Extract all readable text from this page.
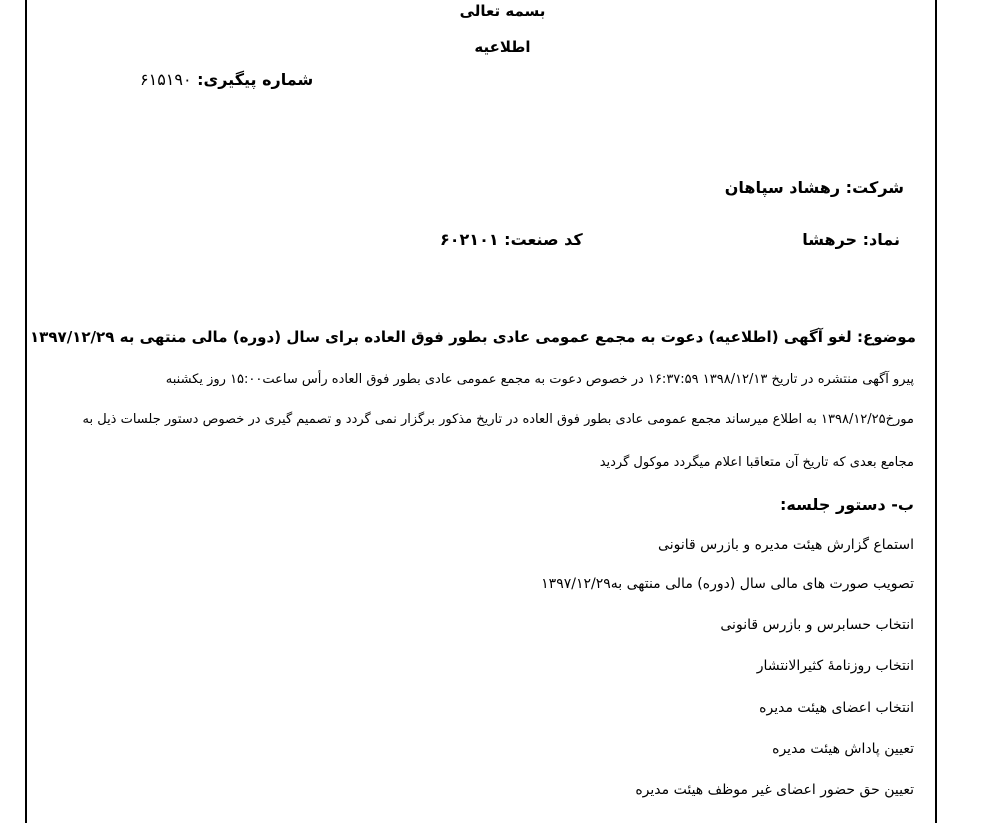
بسمه تعالی
اطلاعیه
شماره پیگیری: ۶۱۵۱۹۰
شرکت: رهشاد سپاهان
نماد: حرهشا
کد صنعت: ۶۰۲۱۰۱
موضوع: لغو آگهی (اطلاعیه) دعوت به مجمع عمومی عادی بطور فوق العاده برای سال (دوره) مالی منتهی به ۱۳۹۷/۱۲/۲۹
پیرو آگهی منتشره در تاریخ ۱۳۹۸/۱۲/۱۳ ۱۶:۳۷:۵۹ در خصوص دعوت به مجمع عمومی عادی بطور فوق العاده رأس ساعت۱۵:۰۰ روز یکشنبه
مورخ۱۳۹۸/۱۲/۲۵ به اطلاع میرساند مجمع عمومی عادی بطور فوق العاده در تاریخ مذکور برگزار نمی گردد و تصمیم گیری در خصوص دستور جلسات ذیل به
مجامع بعدی که تاریخ آن متعاقبا اعلام میگردد موکول گردید
ب- دستور جلسه:
استماع گزارش هیئت مدیره و بازرس قانونی
تصویب صورت های مالی سال (دوره) مالی منتهی به۱۳۹۷/۱۲/۲۹
انتخاب حسابرس و بازرس قانونی
انتخاب روزنامۀ کثیرالانتشار
انتخاب اعضای هیئت مدیره
تعیین پاداش هیئت مدیره
تعیین حق حضور اعضای غیر موظف هیئت مدیره
